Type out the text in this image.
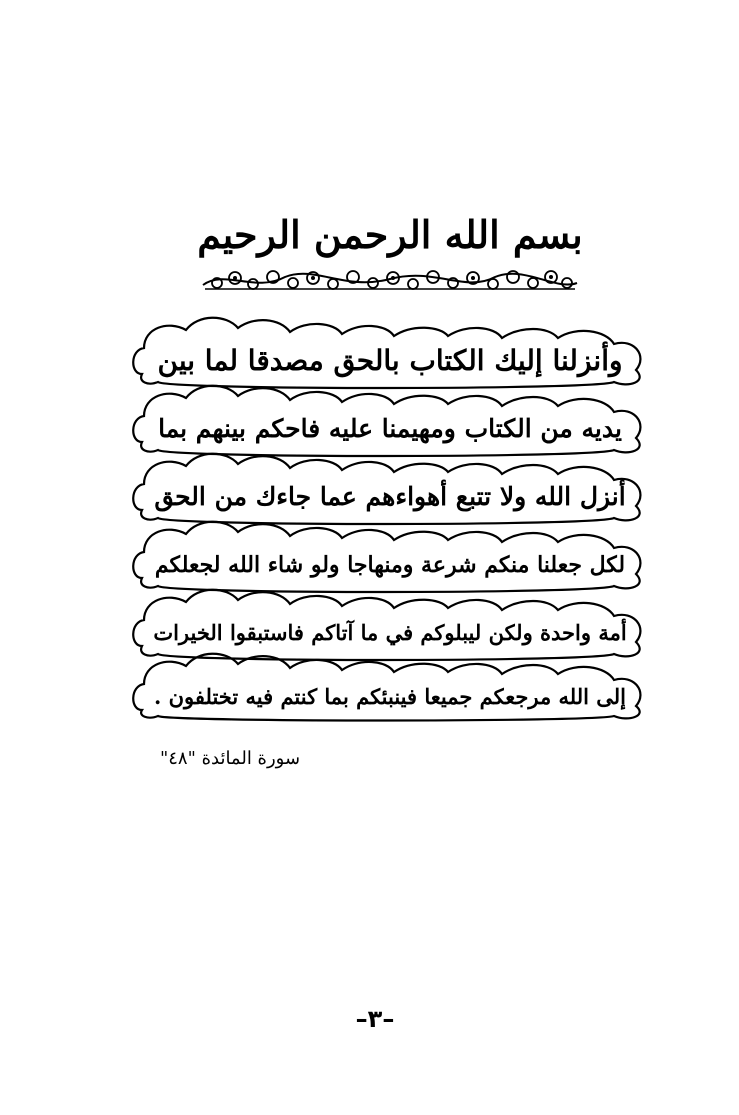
بسم الله الرحمن الرحيم
وأنزلنا إليك الكتاب بالحق مصدقا لما بين
يديه من الكتاب ومهيمنا عليه فاحكم بينهم بما
أنزل الله ولا تتبع أهواءهم عما جاءك من الحق
لكل جعلنا منكم شرعة ومنهاجا ولو شاء الله لجعلكم
أمة واحدة ولكن ليبلوكم في ما آتاكم فاستبقوا الخيرات
إلى الله مرجعكم جميعا فينبئكم بما كنتم فيه تختلفون .
سورة المائدة "٤٨"
–٣–
